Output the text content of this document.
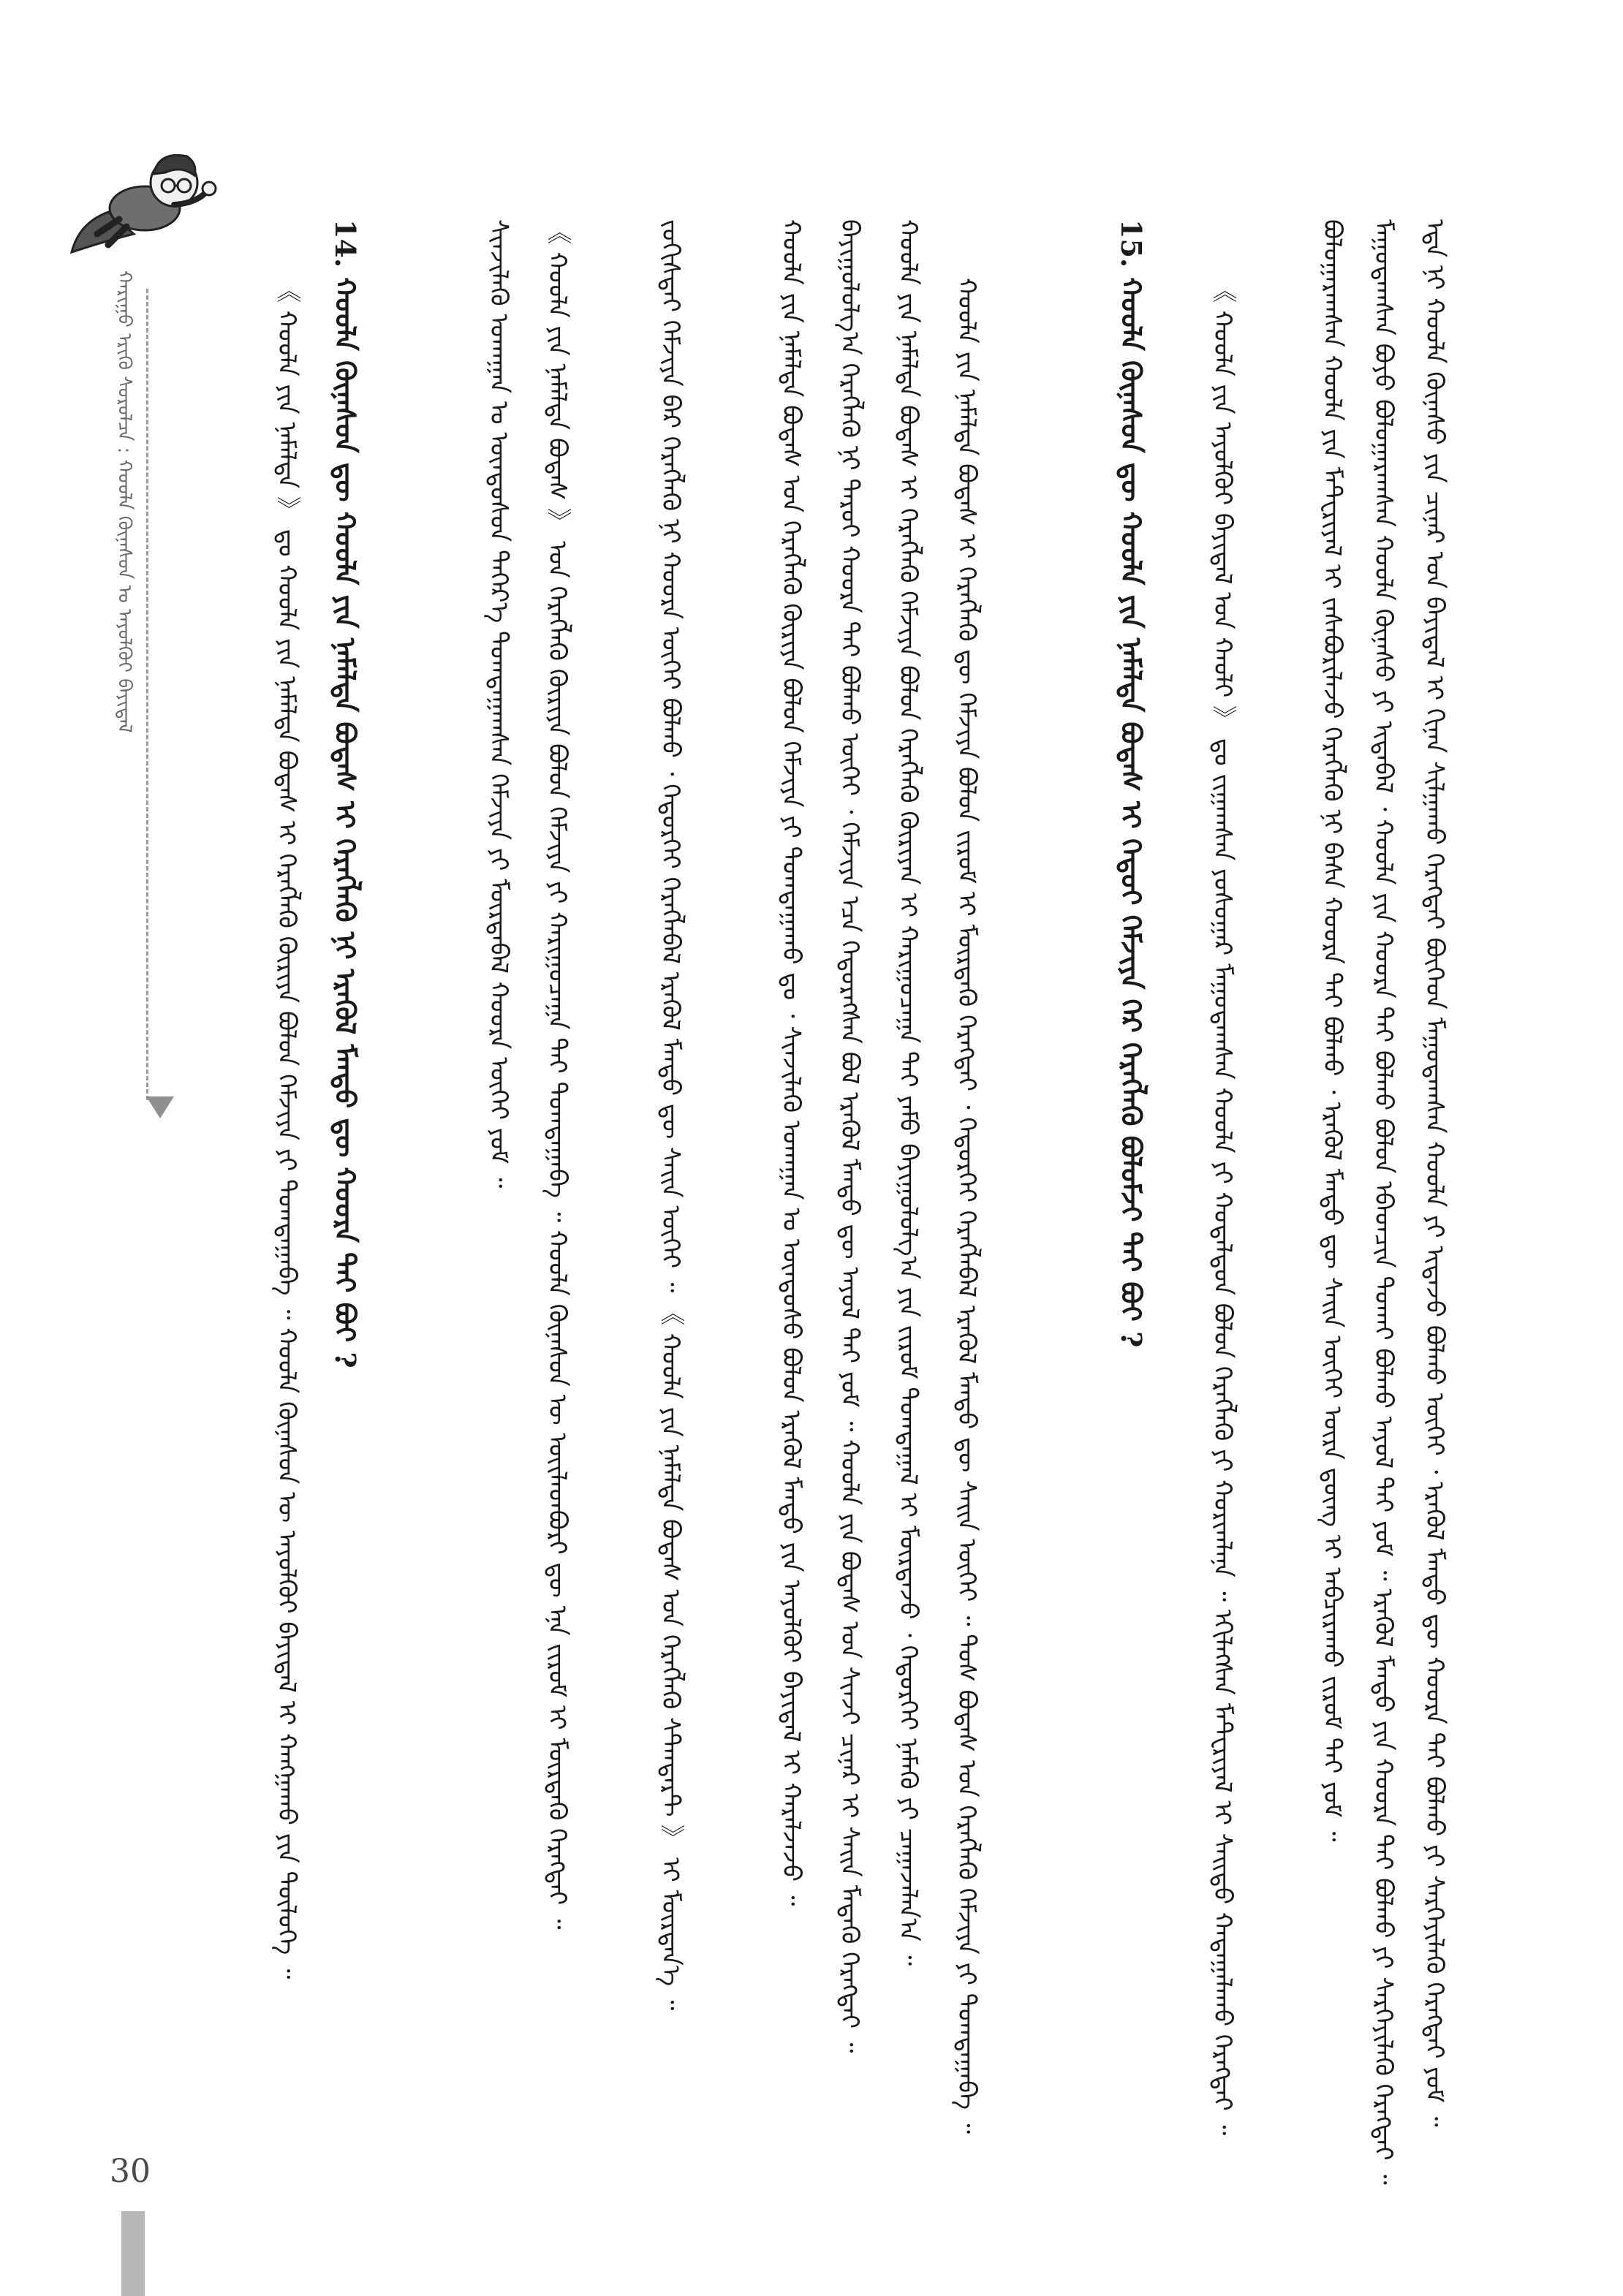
ᠬᠠᠷᠢᠭᠤ ᠡᠷᠢᠬᠦ ᠰᠤᠷᠤᠯᠴᠠ : ᠬᠣᠣᠯᠠ ᠬᠦᠨᠡᠰᠦᠨ ᠤ ᠠᠶᠤᠯᠭᠦᠢ ᠪᠠᠶᠢᠳᠠᠯ	ᠡᠳᠡ ᠨᠢ ᠬᠣᠣᠯᠠ ᠬᠦᠨᠡᠰᠦ ᠶᠢᠨ ᠴᠢᠨᠠᠷ ᠤᠨ ᠪᠠᠶᠢᠳᠠᠯ ᠢ ᠬᠢᠨᠠᠨ ᠰᠢᠯᠭᠠᠬᠤ ᠬᠡᠷᠡᠭᠲᠡᠢ ᠪᠥᠭᠡᠳ ᠮᠠᠭᠤᠳᠠᠭᠰᠠᠨ ᠬᠣᠣᠯᠠ ᠶᠢ ᠢᠳᠡᠵᠦ ᠪᠣᠯᠬᠤ ᠦᠭᠡᠢ ᠂ ᠡᠷᠡᠬᠦᠯ ᠮᠡᠨᠳᠦ ᠳᠦ ᠬᠣᠣᠷᠠ ᠲᠠᠢ ᠪᠣᠯᠬᠤ ᠶᠢ ᠰᠡᠷᠭᠡᠶᠢᠯᠡᠬᠦ ᠬᠡᠷᠡᠭᠲᠡᠢ ᠶᠤᠮ ᠃

ᠮᠠᠭᠤᠳᠠᠭᠰᠠᠨ ᠪᠤᠶᠤ ᠪᠣᠯᠤᠭᠠᠷᠠᠭᠰᠠᠨ ᠬᠣᠣᠯᠠ ᠬᠦᠨᠡᠰᠦ ᠶᠢ ᠢᠳᠡᠪᠡᠯ ᠂ ᠬᠣᠣᠯᠠ ᠶᠢᠨ ᠬᠣᠣᠷᠠ ᠲᠠᠢ ᠪᠣᠯᠬᠤ ᠪᠣᠯᠤᠨ ᠡᠪᠡᠳᠴᠢᠨ ᠲᠤᠬᠠᠢ ᠪᠣᠯᠬᠤ ᠠᠶᠤᠯ ᠲᠠᠢ ᠶᠤᠮ ᠃ ᠡᠷᠡᠬᠦᠯ ᠮᠡᠨᠳᠦ ᠶᠢᠨ ᠬᠣᠣᠷᠠ ᠲᠠᠢ ᠪᠣᠯᠬᠤ ᠶᠢ ᠰᠡᠷᠭᠡᠶᠢᠯᠡᠬᠦ ᠬᠡᠷᠡᠭᠲᠡᠢ ᠃

ᠪᠣᠯᠤᠭᠠᠷᠠᠭᠰᠠᠨ ᠬᠣᠣᠯᠠ ᠶᠢᠨ ᠮᠠᠲᠧᠷᠢᠶᠠᠯ ᠢ ᠵᠠᠰᠠᠪᠤᠷᠢᠯᠠᠵᠤ ᠬᠡᠷᠡᠭᠯᠡᠬᠦ ᠨᠢ ᠪᠠᠰᠠ ᠬᠣᠣᠷᠠ ᠲᠠᠢ ᠪᠣᠯᠬᠤ ᠂ ᠡᠷᠡᠬᠦᠯ ᠮᠡᠨᠳᠦ ᠳᠦ ᠰᠠᠢᠨ ᠦᠭᠡᠢ ᠦᠷᠡ ᠳ᠋ᠦᠩ ᠢ ᠠᠪᠴᠢᠷᠠᠬᠤ ᠵᠢᠷᠤᠮ ᠲᠠᠢ ᠶᠤᠮ ᠃

《 ᠬᠣᠣᠯᠠ ᠶᠢᠨ ᠠᠶᠤᠯᠭᠦᠢ ᠪᠠᠶᠢᠳᠠᠯ ᠤᠨ ᠬᠠᠤᠯᠢ 》 ᠳᠤ ᠵᠢᠭᠠᠭᠰᠠᠨ ᠶᠣᠰᠣᠭᠠᠷ ᠮᠠᠭᠤᠳᠠᠭᠰᠠᠨ ᠬᠣᠣᠯᠠ ᠶᠢ ᠬᠤᠳᠠᠯᠳᠤᠨ ᠪᠣᠯᠤᠨ ᠬᠡᠷᠡᠭᠯᠡᠬᠦ ᠶᠢ ᠬᠣᠷᠢᠭᠯᠠᠨᠠ ᠃ ᠡᠬᠢᠯᠡᠭᠰᠡᠨ ᠮᠠᠲᠧᠷᠢᠶᠠᠯ ᠢ ᠰᠠᠢᠲᠤ ᠬᠠᠳᠠᠭᠠᠯᠠᠬᠤ ᠬᠡᠷᠡᠭᠲᠡᠢ ᠃

15. ᠬᠣᠣᠯᠠ ᠬᠦᠨᠡᠰᠦᠨ ᠳᠦ ᠬᠣᠣᠯᠠ ᠶᠢᠨ ᠨᠡᠮᠡᠯᠲᠡ ᠪᠣᠳᠠᠰ ᠢ ᠬᠡᠳᠦᠢ ᠬᠡᠮᠵᠢᠶᠡ ᠭᠡᠷ ᠬᠡᠷᠡᠭᠯᠡᠬᠦ ᠪᠣᠯᠤᠮᠵᠢ ᠲᠠᠢ ᠪᠤᠢ ?

ᠬᠣᠣᠯᠠ ᠶᠢᠨ ᠨᠡᠮᠡᠯᠲᠡ ᠪᠣᠳᠠᠰ ᠢ ᠬᠡᠷᠡᠭᠯᠡᠬᠦ ᠳᠦ ᠬᠡᠮᠵᠢᠶᠡ ᠪᠣᠯᠤᠨ ᠵᠢᠷᠤᠮ ᠢ ᠮᠥᠷᠳᠡᠬᠦ ᠬᠡᠷᠡᠭᠲᠡᠢ ᠂ ᠬᠡᠲᠦᠷᠬᠡᠢ ᠬᠡᠷᠡᠭᠯᠡᠪᠡᠯ ᠡᠷᠡᠬᠦᠯ ᠮᠡᠨᠳᠦ ᠳᠦ ᠰᠠᠢᠨ ᠦᠭᠡᠢ ᠃ ᠲᠤᠰ ᠪᠣᠳᠠᠰ ᠤᠨ ᠬᠡᠷᠡᠭᠯᠡᠬᠦ ᠬᠡᠮᠵᠢᠶᠡ ᠶᠢ ᠲᠣᠭᠲᠠᠭᠠᠪᠠ ᠃

ᠬᠣᠣᠯᠠ ᠶᠢᠨ ᠨᠡᠮᠡᠯᠲᠡ ᠪᠣᠳᠠᠰ ᠢ ᠬᠡᠷᠡᠭᠯᠡᠬᠦ ᠬᠡᠮᠵᠢᠶᠡ ᠪᠣᠯᠤᠨ ᠬᠡᠷᠡᠭᠯᠡᠬᠦ ᠬᠦᠷᠢᠶᠡᠨ ᠢ ᠬᠠᠷᠢᠭᠤᠴᠠᠭᠠ ᠲᠠᠢ ᠶᠠᠮᠤ ᠪᠠᠶᠢᠭᠤᠯᠤᠯᠭ᠎ᠠ ᠶᠢᠨ ᠵᠢᠷᠤᠮ ᠲᠣᠭᠲᠠᠭᠠᠯ ᠢ ᠮᠥᠷᠳᠡᠵᠦ ᠂ ᠬᠡᠲᠦᠷᠬᠡᠢ ᠨᠡᠮᠡᠬᠦ ᠶᠢ ᠴᠠᠭᠠᠵᠠᠯᠠᠨ᠎ᠠ ᠃

ᠪᠠᠶᠢᠭᠤᠯᠤᠯᠭ᠎ᠠ ᠬᠡᠷᠡᠭᠯᠡᠬᠦ ᠨᠢ ᠳᠠᠷᠤᠢ ᠬᠣᠣᠷᠠ ᠲᠠᠢ ᠪᠣᠯᠬᠤ ᠦᠭᠡᠢ ᠂ ᠬᠡᠮᠵᠢᠶᠡ ᠡᠴᠡ ᠬᠡᠲᠦᠷᠡᠭᠰᠡᠨ ᠪᠣᠯ ᠡᠷᠡᠬᠦᠯ ᠮᠡᠨᠳᠦ ᠳᠦ ᠠᠶᠤᠯ ᠲᠠᠢ ᠶᠤᠮ ᠃ ᠬᠣᠣᠯᠠ ᠶᠢᠨ ᠪᠣᠳᠠᠰ ᠤᠨ ᠰᠢᠨᠵᠢ ᠴᠢᠨᠠᠷ ᠢ ᠰᠠᠢᠨ ᠮᠡᠳᠡᠬᠦ ᠬᠡᠷᠡᠭᠲᠡᠢ ᠃

ᠬᠣᠣᠯᠠ ᠶᠢᠨ ᠨᠡᠮᠡᠯᠲᠡ ᠪᠣᠳᠠᠰ ᠤᠨ ᠬᠡᠷᠡᠭᠯᠡᠬᠦ ᠬᠦᠷᠢᠶᠡ ᠪᠣᠯᠤᠨ ᠬᠡᠮᠵᠢᠶᠡ ᠶᠢ ᠲᠣᠭᠲᠠᠭᠠᠬᠤ ᠳᠤ ᠂ ᠰᠢᠨᠵᠢᠯᠡᠬᠦ ᠤᠬᠠᠭᠠᠨ ᠤ ᠦᠨᠳᠦᠰᠦ ᠪᠣᠯᠤᠨ ᠡᠷᠡᠬᠦᠯ ᠮᠡᠨᠳᠦ ᠶᠢᠨ ᠠᠶᠤᠯᠭᠦᠢ ᠪᠠᠶᠢᠳᠠᠯ ᠢ ᠬᠠᠷᠠᠯᠵᠠᠵᠤ ᠃

ᠵᠣᠬᠢᠰᠲᠠᠢ ᠬᠡᠮᠵᠢᠶᠡ ᠪᠠᠷ ᠬᠡᠷᠡᠭᠯᠡᠬᠦ ᠨᠢ ᠬᠣᠣᠷᠠ ᠦᠭᠡᠢ ᠪᠣᠯᠬᠤ ᠂ ᠬᠡᠲᠦᠷᠬᠡᠢ ᠬᠡᠷᠡᠭᠯᠡᠪᠡᠯ ᠡᠷᠡᠬᠦᠯ ᠮᠡᠨᠳᠦ ᠳᠦ ᠰᠠᠢᠨ ᠦᠭᠡᠢ ᠃ 《 ᠬᠣᠣᠯᠠ ᠶᠢᠨ ᠨᠡᠮᠡᠯᠲᠡ ᠪᠣᠳᠠᠰ ᠤᠨ ᠬᠡᠷᠡᠭᠯᠡᠬᠦ ᠰᠲ᠋ᠠᠨᠳᠠᠷᠲ 》 ᠢ ᠮᠥᠷᠳᠡᠨ᠎ᠡ ᠃

《 ᠬᠣᠣᠯᠠ ᠶᠢᠨ ᠨᠡᠮᠡᠯᠲᠡ ᠪᠣᠳᠠᠰ 》 ᠤᠨ ᠬᠡᠷᠡᠭᠯᠡᠬᠦ ᠬᠦᠷᠢᠶᠡ ᠪᠣᠯᠤᠨ ᠬᠡᠮᠵᠢᠶᠡ ᠶᠢ ᠬᠠᠷᠢᠭᠤᠴᠠᠭᠠ ᠲᠠᠢ ᠲᠣᠭᠲᠠᠭᠠᠪᠠ ᠃ ᠬᠣᠣᠯᠠ ᠬᠦᠨᠡᠰᠦᠨ ᠦ ᠦᠢᠯᠡᠳᠪᠦᠷᠢ ᠳᠦ ᠡᠨᠡ ᠵᠢᠷᠤᠮ ᠢ ᠮᠥᠷᠳᠡᠬᠦ ᠬᠡᠷᠡᠭᠲᠡᠢ ᠃

ᠰᠢᠨᠵᠢᠯᠡᠬᠦ ᠤᠬᠠᠭᠠᠨ ᠤ ᠦᠨᠳᠦᠰᠦᠨ ᠳᠡᠭᠡᠷ᠎ᠡ ᠲᠣᠭᠲᠠᠭᠠᠭᠰᠠᠨ ᠬᠡᠮᠵᠢᠶᠡ ᠶᠢ ᠮᠥᠷᠳᠡᠪᠡᠯ ᠬᠣᠣᠷᠠ ᠦᠭᠡᠢ ᠶᠤᠮ ᠃

14. ᠬᠣᠣᠯᠠ ᠬᠦᠨᠡᠰᠦᠨ ᠳᠦ ᠬᠣᠣᠯᠠ ᠶᠢᠨ ᠨᠡᠮᠡᠯᠲᠡ ᠪᠣᠳᠠᠰ ᠢ ᠬᠡᠷᠡᠭᠯᠡᠬᠦ ᠨᠢ ᠡᠷᠡᠬᠦᠯ ᠮᠡᠨᠳᠦ ᠳᠦ ᠬᠣᠣᠷᠠ ᠲᠠᠢ ᠪᠤᠢ ?

《 ᠬᠣᠣᠯᠠ ᠶᠢᠨ ᠨᠡᠮᠡᠯᠲᠡ 》 ᠳᠤ ᠬᠣᠣᠯᠠ ᠶᠢᠨ ᠨᠡᠮᠡᠯᠲᠡ ᠪᠣᠳᠠᠰ ᠢ ᠬᠡᠷᠡᠭᠯᠡᠬᠦ ᠬᠦᠷᠢᠶᠡ ᠪᠣᠯᠤᠨ ᠬᠡᠮᠵᠢᠶᠡ ᠶᠢ ᠲᠣᠭᠲᠠᠭᠠᠪᠠ ᠃ ᠬᠣᠣᠯᠠ ᠬᠦᠨᠡᠰᠦᠨ ᠦ ᠠᠶᠤᠯᠭᠦᠢ ᠪᠠᠶᠢᠳᠠᠯ ᠢ ᠬᠠᠩᠭᠠᠬᠤ ᠶᠢᠨ ᠲᠥᠯᠥᠭᠡ ᠃

30
